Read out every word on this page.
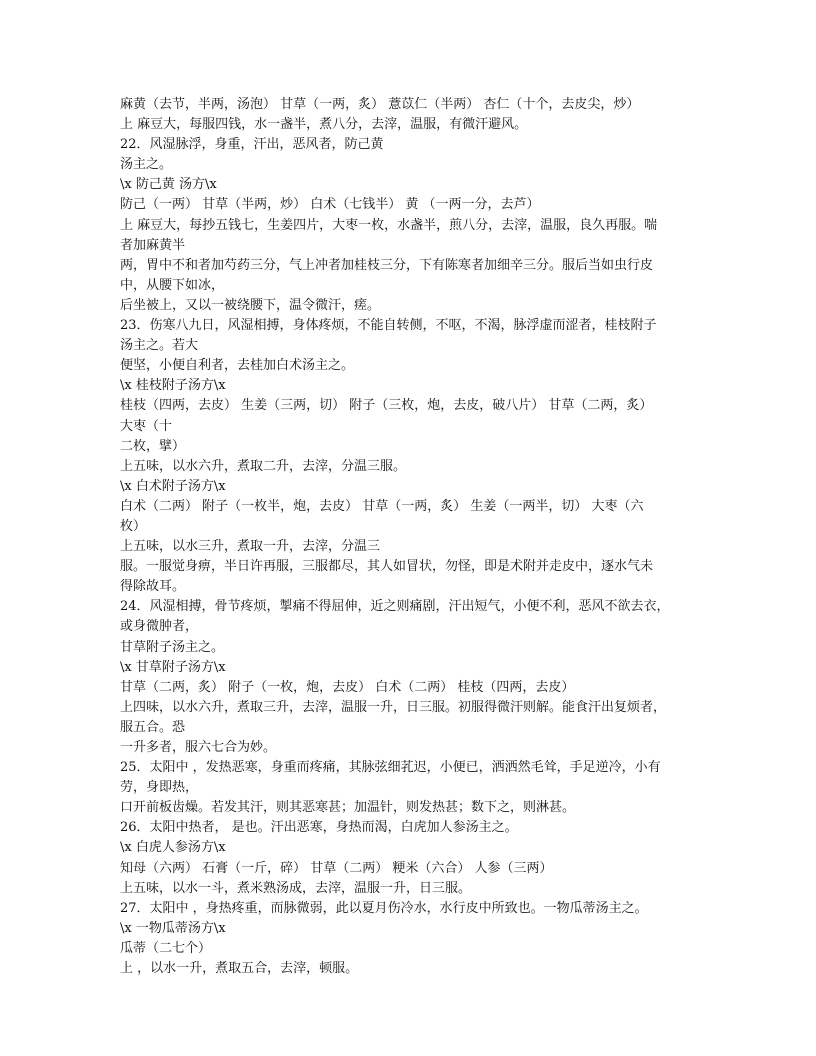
麻黄（去节，半两，汤泡） 甘草（一两，炙） 薏苡仁（半两） 杏仁（十个，去皮尖，炒）
上 麻豆大，每服四钱，水一盏半，煮八分，去滓，温服，有微汗避风。
22．风湿脉浮，身重，汗出，恶风者，防己黄
汤主之。
\x 防己黄 汤方\x
防己（一两） 甘草（半两，炒） 白术（七钱半） 黄 （一两一分，去芦）
上 麻豆大，每抄五钱七，生姜四片，大枣一枚，水盏半，煎八分，去滓，温服，良久再服。喘
者加麻黄半
两，胃中不和者加芍药三分，气上冲者加桂枝三分，下有陈寒者加细辛三分。服后当如虫行皮
中，从腰下如冰，
后坐被上，又以一被绕腰下，温令微汗，瘥。
23．伤寒八九日，风湿相搏，身体疼烦，不能自转侧，不呕，不渴，脉浮虚而涩者，桂枝附子
汤主之。若大
便坚，小便自利者，去桂加白术汤主之。
\x 桂枝附子汤方\x
桂枝（四两，去皮） 生姜（三两，切） 附子（三枚，炮，去皮，破八片） 甘草（二两，炙）
大枣（十
二枚，擘）
上五味，以水六升，煮取二升，去滓，分温三服。
\x 白术附子汤方\x
白术（二两） 附子（一枚半，炮，去皮） 甘草（一两，炙） 生姜（一两半，切） 大枣（六
枚）
上五味，以水三升，煮取一升，去滓，分温三
服。一服觉身痹，半日许再服，三服都尽，其人如冒状，勿怪，即是术附并走皮中，逐水气未
得除故耳。
24．风湿相搏，骨节疼烦，掣痛不得屈伸，近之则痛剧，汗出短气，小便不利，恶风不欲去衣，
或身微肿者，
甘草附子汤主之。
\x 甘草附子汤方\x
甘草（二两，炙） 附子（一枚，炮，去皮） 白术（二两） 桂枝（四两，去皮）
上四味，以水六升，煮取三升，去滓，温服一升，日三服。初服得微汗则解。能食汗出复烦者，
服五合。恐
一升多者，服六七合为妙。
25．太阳中 ，发热恶寒，身重而疼痛，其脉弦细芤迟，小便已，洒洒然毛耸，手足逆冷，小有
劳，身即热，
口开前板齿燥。若发其汗，则其恶寒甚；加温针，则发热甚；数下之，则淋甚。
26．太阳中热者， 是也。汗出恶寒，身热而渴，白虎加人参汤主之。
\x 白虎人参汤方\x
知母（六两） 石膏（一斤，碎） 甘草（二两） 粳米（六合） 人参（三两）
上五味，以水一斗，煮米熟汤成，去滓，温服一升，日三服。
27．太阳中 ，身热疼重，而脉微弱，此以夏月伤冷水，水行皮中所致也。一物瓜蒂汤主之。
\x 一物瓜蒂汤方\x
瓜蒂（二七个）
上 ，以水一升，煮取五合，去滓，顿服。
